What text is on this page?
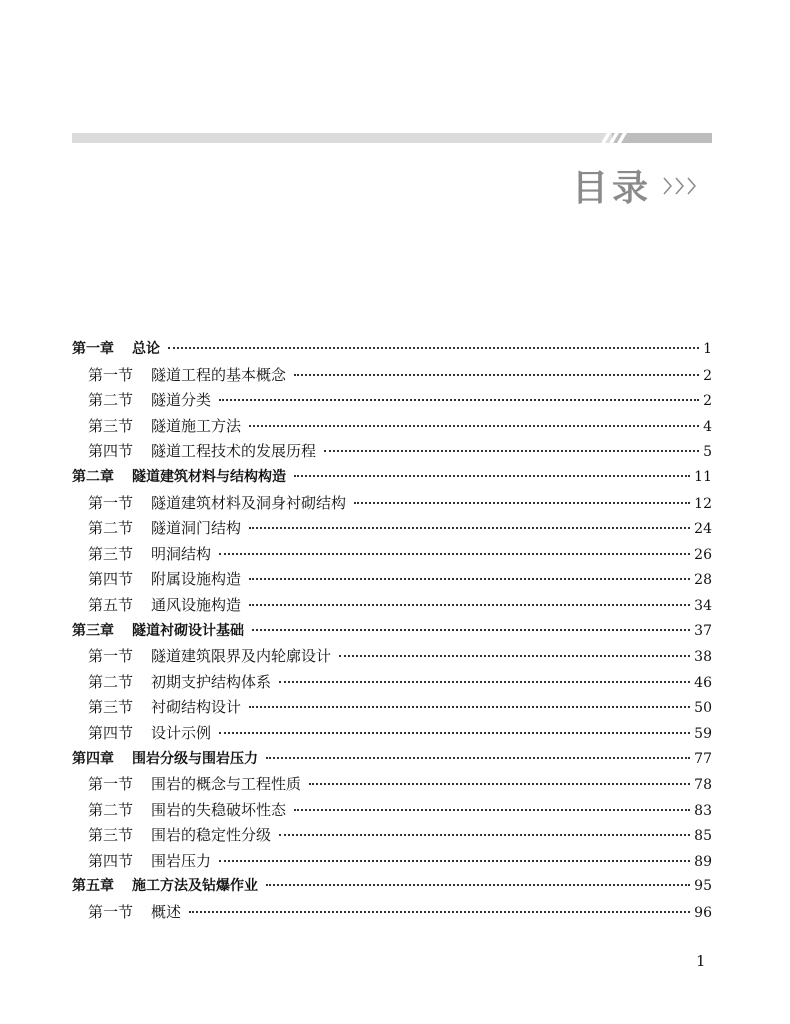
目录
第一章 总论	1
第一节 隧道工程的基本概念	2
第二节 隧道分类	2
第三节 隧道施工方法	4
第四节 隧道工程技术的发展历程	5
第二章 隧道建筑材料与结构构造	11
第一节 隧道建筑材料及洞身衬砌结构	12
第二节 隧道洞门结构	24
第三节 明洞结构	26
第四节 附属设施构造	28
第五节 通风设施构造	34
第三章 隧道衬砌设计基础	37
第一节 隧道建筑限界及内轮廓设计	38
第二节 初期支护结构体系	46
第三节 衬砌结构设计	50
第四节 设计示例	59
第四章 围岩分级与围岩压力	77
第一节 围岩的概念与工程性质	78
第二节 围岩的失稳破坏性态	83
第三节 围岩的稳定性分级	85
第四节 围岩压力	89
第五章 施工方法及钻爆作业	95
第一节 概述	96
1
